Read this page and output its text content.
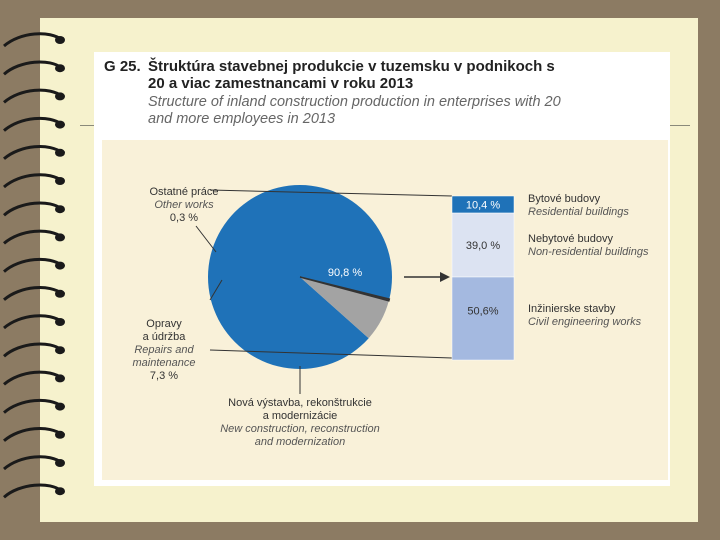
G 25. Štruktúra stavebnej produkcie v tuzemsku v podnikoch s 20 a viac zamestnancami v roku 2013
Structure of inland construction production in enterprises with 20 and more employees in 2013
90,8 %
10,4 %
39,0 %
50,6%
Ostatné práce
Other works
0,3 %
Opravy
a údržba
Repairs and
maintenance
7,3 %
Nová výstavba, rekonštrukcie
a modernizácie
New construction, reconstruction
and modernization
Bytové budovy
Residential buildings
Nebytové budovy
Non-residential buildings
Inžinierske stavby
Civil engineering works
